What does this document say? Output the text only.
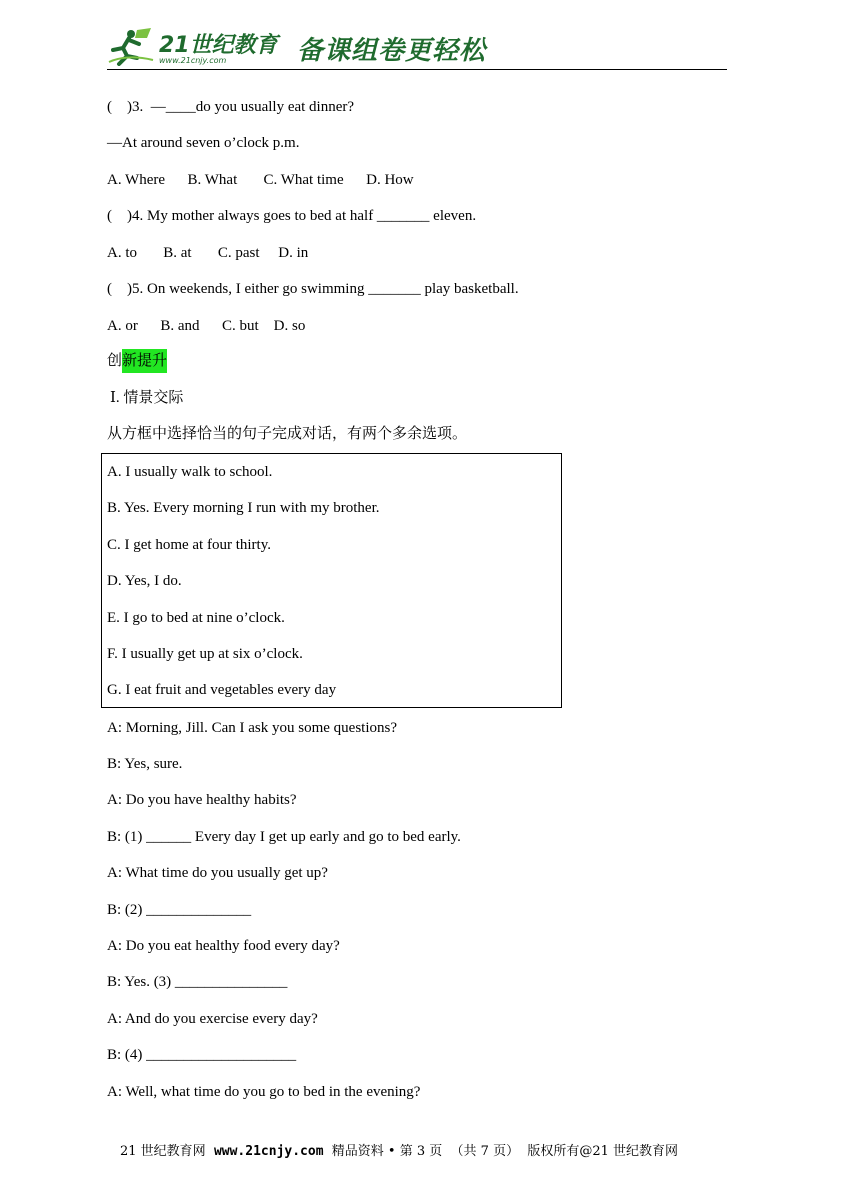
21世纪教育
www.21cnjy.com	备课组卷更轻松
(    )3.  —____do you usually eat dinner?
—At around seven o’clock p.m.
A. Where      B. What       C. What time      D. How
(    )4. My mother always goes to bed at half _______ eleven.
A. to       B. at       C. past     D. in
(    )5. On weekends, I either go swimming _______ play basketball.
A. or      B. and      C. but    D. so
创新提升
Ⅰ. 情景交际
从方框中选择恰当的句子完成对话，有两个多余选项。
A. I usually walk to school.
B. Yes. Every morning I run with my brother.
C. I get home at four thirty.
D. Yes, I do.
E. I go to bed at nine o’clock.
F. I usually get up at six o’clock.
G. I eat fruit and vegetables every day
A: Morning, Jill. Can I ask you some questions?
B: Yes, sure.
A: Do you have healthy habits?
B: (1) ______ Every day I get up early and go to bed early.
A: What time do you usually get up?
B: (2) ______________
A: Do you eat healthy food every day?
B: Yes. (3) _______________
A: And do you exercise every day?
B: (4) ____________________
A: Well, what time do you go to bed in the evening?
21 世纪教育网 www.21cnjy.com  精品资料 • 第 3 页  （共 7 页）  版权所有@21 世纪教育网
